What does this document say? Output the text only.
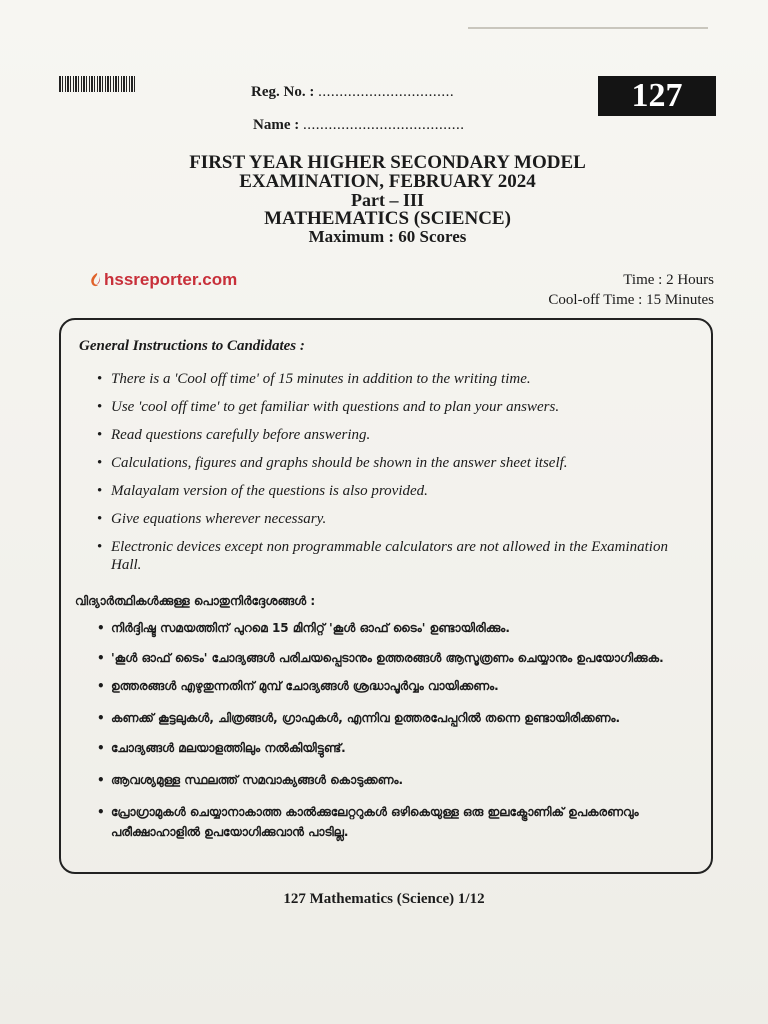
127
Reg. No. : ................................
Name : ......................................
FIRST YEAR HIGHER SECONDARY MODEL
EXAMINATION, FEBRUARY 2024
Part – III
MATHEMATICS (SCIENCE)
Maximum : 60 Scores
hssreporter.com	Time : 2 Hours
Cool-off Time : 15 Minutes
General Instructions to Candidates :
• There is a 'Cool off time' of 15 minutes in addition to the writing time.
• Use 'cool off time' to get familiar with questions and to plan your answers.
• Read questions carefully before answering.
• Calculations, figures and graphs should be shown in the answer sheet itself.
• Malayalam version of the questions is also provided.
• Give equations wherever necessary.
• Electronic devices except non programmable calculators are not allowed in the Examination Hall.
വിദ്യാർത്ഥികൾക്കുള്ള പൊതുനിർദ്ദേശങ്ങൾ :
• നിർദ്ദിഷ്ട സമയത്തിന് പുറമെ 15 മിനിറ്റ് 'കൂൾ ഓഫ് ടൈം' ഉണ്ടായിരിക്കും.
• 'കൂൾ ഓഫ് ടൈം' ചോദ്യങ്ങൾ പരിചയപ്പെടാനും ഉത്തരങ്ങൾ ആസൂത്രണം ചെയ്യാനും ഉപയോഗിക്കുക.
• ഉത്തരങ്ങൾ എഴുതുന്നതിന് മുമ്പ് ചോദ്യങ്ങൾ ശ്രദ്ധാപൂർവ്വം വായിക്കണം.
• കണക്ക് കൂട്ടലുകൾ, ചിത്രങ്ങൾ, ഗ്രാഫുകൾ, എന്നിവ ഉത്തരപേപ്പറിൽ തന്നെ ഉണ്ടായിരിക്കണം.
• ചോദ്യങ്ങൾ മലയാളത്തിലും നൽകിയിട്ടുണ്ട്.
• ആവശ്യമുള്ള സ്ഥലത്ത് സമവാക്യങ്ങൾ കൊടുക്കണം.
• പ്രോഗ്രാമുകൾ ചെയ്യാനാകാത്ത കാൽക്കുലേറ്ററുകൾ ഒഴികെയുള്ള ഒരു ഇലക്ട്രോണിക് ഉപകരണവും പരീക്ഷാഹാളിൽ ഉപയോഗിക്കുവാൻ പാടില്ല.
127 Mathematics (Science) 1/12
